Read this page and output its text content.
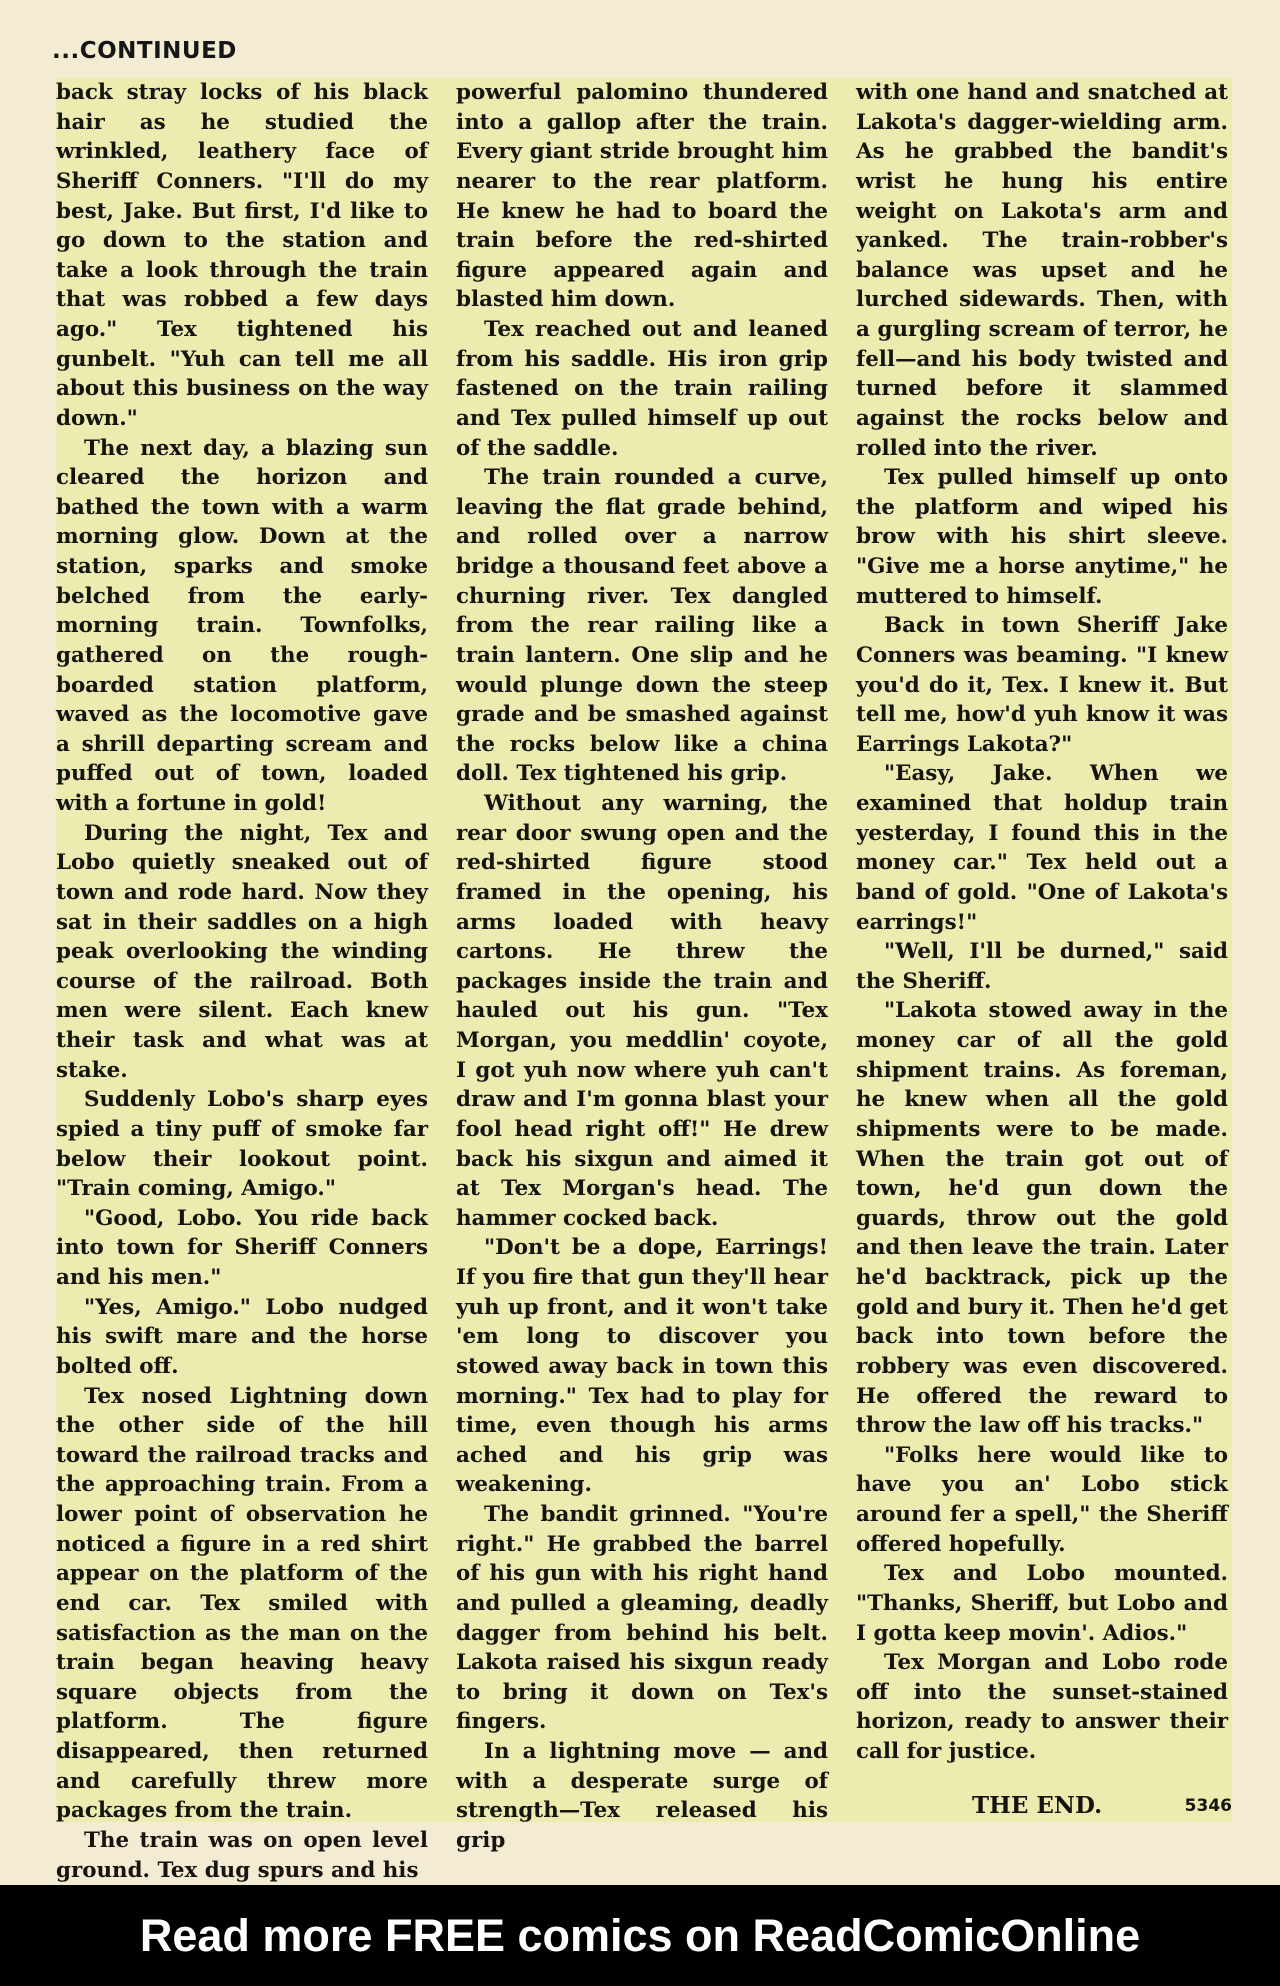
...CONTINUED

back stray locks of his black hair as he studied the wrinkled, leathery face of Sheriff Conners. "I'll do my best, Jake. But first, I'd like to go down to the station and take a look through the train that was robbed a few days ago." Tex tightened his gunbelt. "Yuh can tell me all about this business on the way down."

The next day, a blazing sun cleared the horizon and bathed the town with a warm morning glow. Down at the station, sparks and smoke belched from the early-morning train. Townfolks, gathered on the rough-boarded station platform, waved as the locomotive gave a shrill departing scream and puffed out of town, loaded with a fortune in gold!

During the night, Tex and Lobo quietly sneaked out of town and rode hard. Now they sat in their saddles on a high peak overlooking the winding course of the railroad. Both men were silent. Each knew their task and what was at stake.

Suddenly Lobo's sharp eyes spied a tiny puff of smoke far below their lookout point. "Train coming, Amigo."

"Good, Lobo. You ride back into town for Sheriff Conners and his men."

"Yes, Amigo." Lobo nudged his swift mare and the horse bolted off.

Tex nosed Lightning down the other side of the hill toward the railroad tracks and the approaching train. From a lower point of observation he noticed a figure in a red shirt appear on the platform of the end car. Tex smiled with satisfaction as the man on the train began heaving heavy square objects from the platform. The figure disappeared, then returned and carefully threw more packages from the train.

The train was on open level ground. Tex dug spurs and his

powerful palomino thundered into a gallop after the train. Every giant stride brought him nearer to the rear platform. He knew he had to board the train before the red-shirted figure appeared again and blasted him down.

Tex reached out and leaned from his saddle. His iron grip fastened on the train railing and Tex pulled himself up out of the saddle.

The train rounded a curve, leaving the flat grade behind, and rolled over a narrow bridge a thousand feet above a churning river. Tex dangled from the rear railing like a train lantern. One slip and he would plunge down the steep grade and be smashed against the rocks below like a china doll. Tex tightened his grip.

Without any warning, the rear door swung open and the red-shirted figure stood framed in the opening, his arms loaded with heavy cartons. He threw the packages inside the train and hauled out his gun. "Tex Morgan, you meddlin' coyote, I got yuh now where yuh can't draw and I'm gonna blast your fool head right off!" He drew back his sixgun and aimed it at Tex Morgan's head. The hammer cocked back.

"Don't be a dope, Earrings! If you fire that gun they'll hear yuh up front, and it won't take 'em long to discover you stowed away back in town this morning." Tex had to play for time, even though his arms ached and his grip was weakening.

The bandit grinned. "You're right." He grabbed the barrel of his gun with his right hand and pulled a gleaming, deadly dagger from behind his belt. Lakota raised his sixgun ready to bring it down on Tex's fingers.

In a lightning move — and with a desperate surge of strength—Tex released his grip

with one hand and snatched at Lakota's dagger-wielding arm. As he grabbed the bandit's wrist he hung his entire weight on Lakota's arm and yanked. The train-robber's balance was upset and he lurched sidewards. Then, with a gurgling scream of terror, he fell—and his body twisted and turned before it slammed against the rocks below and rolled into the river.

Tex pulled himself up onto the platform and wiped his brow with his shirt sleeve. "Give me a horse anytime," he muttered to himself.

Back in town Sheriff Jake Conners was beaming. "I knew you'd do it, Tex. I knew it. But tell me, how'd yuh know it was Earrings Lakota?"

"Easy, Jake. When we examined that holdup train yesterday, I found this in the money car." Tex held out a band of gold. "One of Lakota's earrings!"

"Well, I'll be durned," said the Sheriff.

"Lakota stowed away in the money car of all the gold shipment trains. As foreman, he knew when all the gold shipments were to be made. When the train got out of town, he'd gun down the guards, throw out the gold and then leave the train. Later he'd backtrack, pick up the gold and bury it. Then he'd get back into town before the robbery was even discovered. He offered the reward to throw the law off his tracks."

"Folks here would like to have you an' Lobo stick around fer a spell," the Sheriff offered hopefully.

Tex and Lobo mounted. "Thanks, Sheriff, but Lobo and I gotta keep movin'. Adios."

Tex Morgan and Lobo rode off into the sunset-stained horizon, ready to answer their call for justice.

THE END.	5346
Read more FREE comics on ReadComicOnline
